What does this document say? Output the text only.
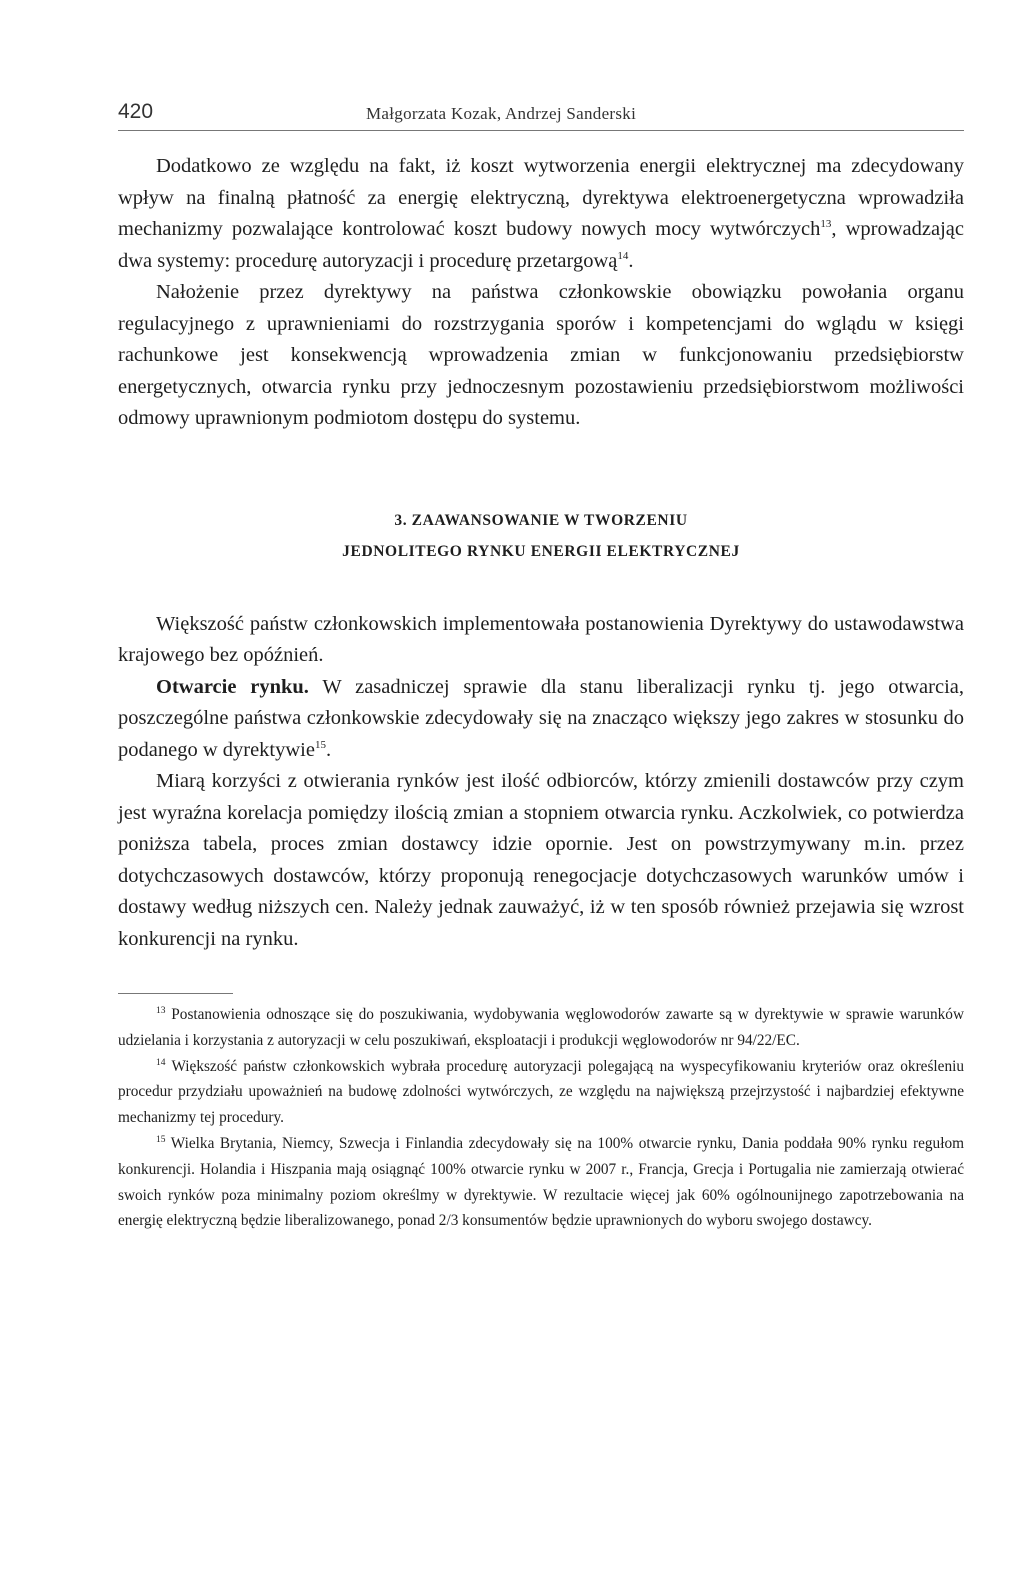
420	Małgorzata Kozak, Andrzej Sanderski

Dodatkowo ze względu na fakt, iż koszt wytworzenia energii elektrycznej ma zdecydowany wpływ na finalną płatność za energię elektryczną, dyrektywa elektroenergetyczna wprowadziła mechanizmy pozwalające kontrolować koszt budowy nowych mocy wytwórczych$^{13}$, wprowadzając dwa systemy: procedurę autoryzacji i procedurę przetargową$^{14}$.

Nałożenie przez dyrektywy na państwa członkowskie obowiązku powołania organu regulacyjnego z uprawnieniami do rozstrzygania sporów i kompetencjami do wglądu w księgi rachunkowe jest konsekwencją wprowadzenia zmian w funkcjonowaniu przedsiębiorstw energetycznych, otwarcia rynku przy jednoczesnym pozostawieniu przedsiębiorstwom możliwości odmowy uprawnionym podmiotom dostępu do systemu.

3. ZAAWANSOWANIE W TWORZENIU
JEDNOLITEGO RYNKU ENERGII ELEKTRYCZNEJ

Większość państw członkowskich implementowała postanowienia Dyrektywy do ustawodawstwa krajowego bez opóźnień.

Otwarcie rynku. W zasadniczej sprawie dla stanu liberalizacji rynku tj. jego otwarcia, poszczególne państwa członkowskie zdecydowały się na znacząco większy jego zakres w stosunku do podanego w dyrektywie$^{15}$.

Miarą korzyści z otwierania rynków jest ilość odbiorców, którzy zmienili dostawców przy czym jest wyraźna korelacja pomiędzy ilością zmian a stopniem otwarcia rynku. Aczkolwiek, co potwierdza poniższa tabela, proces zmian dostawcy idzie opornie. Jest on powstrzymywany m.in. przez dotychczasowych dostawców, którzy proponują renegocjacje dotychczasowych warunków umów i dostawy według niższych cen. Należy jednak zauważyć, iż w ten sposób również przejawia się wzrost konkurencji na rynku.

$^{13}$ Postanowienia odnoszące się do poszukiwania, wydobywania węglowodorów zawarte są w dyrektywie w sprawie warunków udzielania i korzystania z autoryzacji w celu poszukiwań, eksploatacji i produkcji węglowodorów nr 94/22/EC.

$^{14}$ Większość państw członkowskich wybrała procedurę autoryzacji polegającą na wyspecyfikowaniu kryteriów oraz określeniu procedur przydziału upoważnień na budowę zdolności wytwórczych, ze względu na największą przejrzystość i najbardziej efektywne mechanizmy tej procedury.

$^{15}$ Wielka Brytania, Niemcy, Szwecja i Finlandia zdecydowały się na 100% otwarcie rynku, Dania poddała 90% rynku regułom konkurencji. Holandia i Hiszpania mają osiągnąć 100% otwarcie rynku w 2007 r., Francja, Grecja i Portugalia nie zamierzają otwierać swoich rynków poza minimalny poziom określmy w dyrektywie. W rezultacie więcej jak 60% ogólnounijnego zapotrzebowania na energię elektryczną będzie liberalizowanego, ponad 2/3 konsumentów będzie uprawnionych do wyboru swojego dostawcy.
